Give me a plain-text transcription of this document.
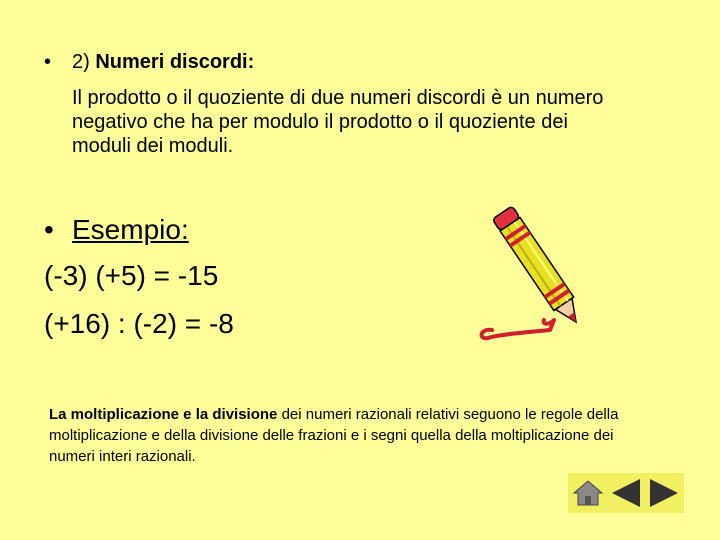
• 2) Numeri discordi:
Il prodotto o il quoziente di due numeri discordi è un numero negativo che ha per modulo il prodotto o il quoziente dei moduli dei moduli.
• Esempio:
(-3) (+5) = -15
(+16) : (-2) = -8
La moltiplicazione e la divisione dei numeri razionali relativi seguono le regole della moltiplicazione e della divisione delle frazioni e i segni quella della moltiplicazione dei numeri interi razionali.
